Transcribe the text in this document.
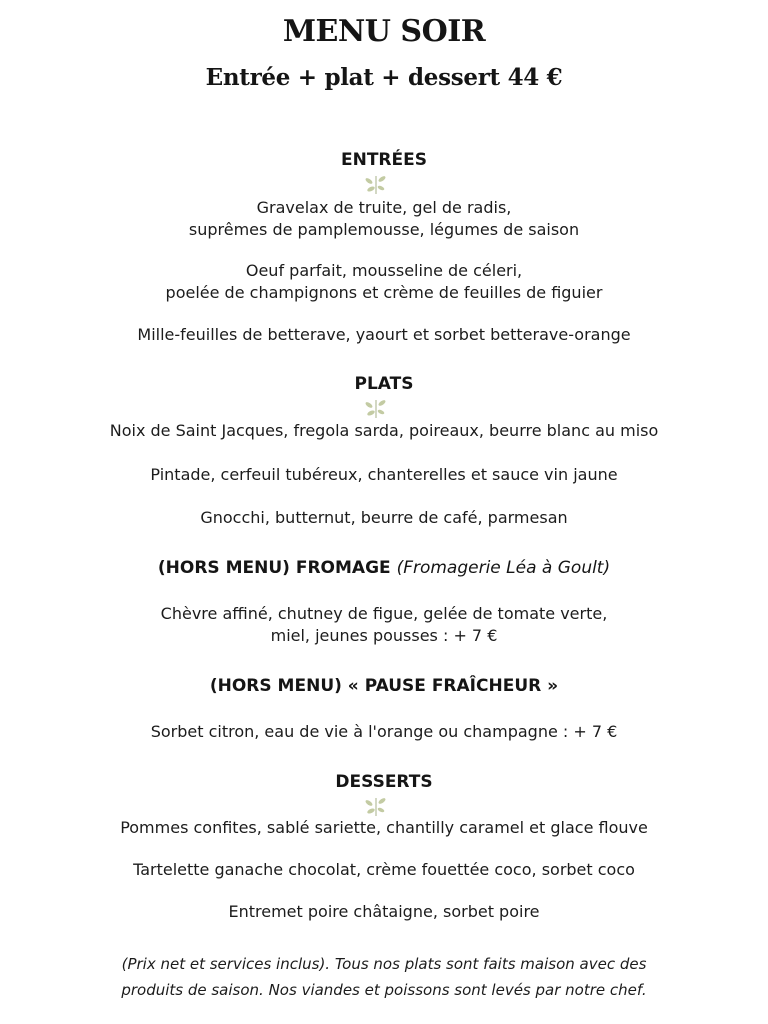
MENU SOIR
Entrée + plat + dessert 44 €
ENTRÉES
Gravelax de truite, gel de radis,
suprêmes de pamplemousse, légumes de saison
Oeuf parfait, mousseline de céleri,
poelée de champignons et crème de feuilles de figuier
Mille-feuilles de betterave, yaourt et sorbet betterave-orange
PLATS
Noix de Saint Jacques, fregola sarda, poireaux, beurre blanc au miso
Pintade, cerfeuil tubéreux, chanterelles et sauce vin jaune
Gnocchi, butternut, beurre de café, parmesan
(HORS MENU) FROMAGE (Fromagerie Léa à Goult)
Chèvre affiné, chutney de figue, gelée de tomate verte,
miel, jeunes pousses : + 7 €
(HORS MENU) « PAUSE FRAÎCHEUR »
Sorbet citron, eau de vie à l'orange ou champagne : + 7 €
DESSERTS
Pommes confites, sablé sariette, chantilly caramel et glace flouve
Tartelette ganache chocolat, crème fouettée coco, sorbet coco
Entremet poire châtaigne, sorbet poire
(Prix net et services inclus). Tous nos plats sont faits maison avec des
produits de saison. Nos viandes et poissons sont levés par notre chef.
